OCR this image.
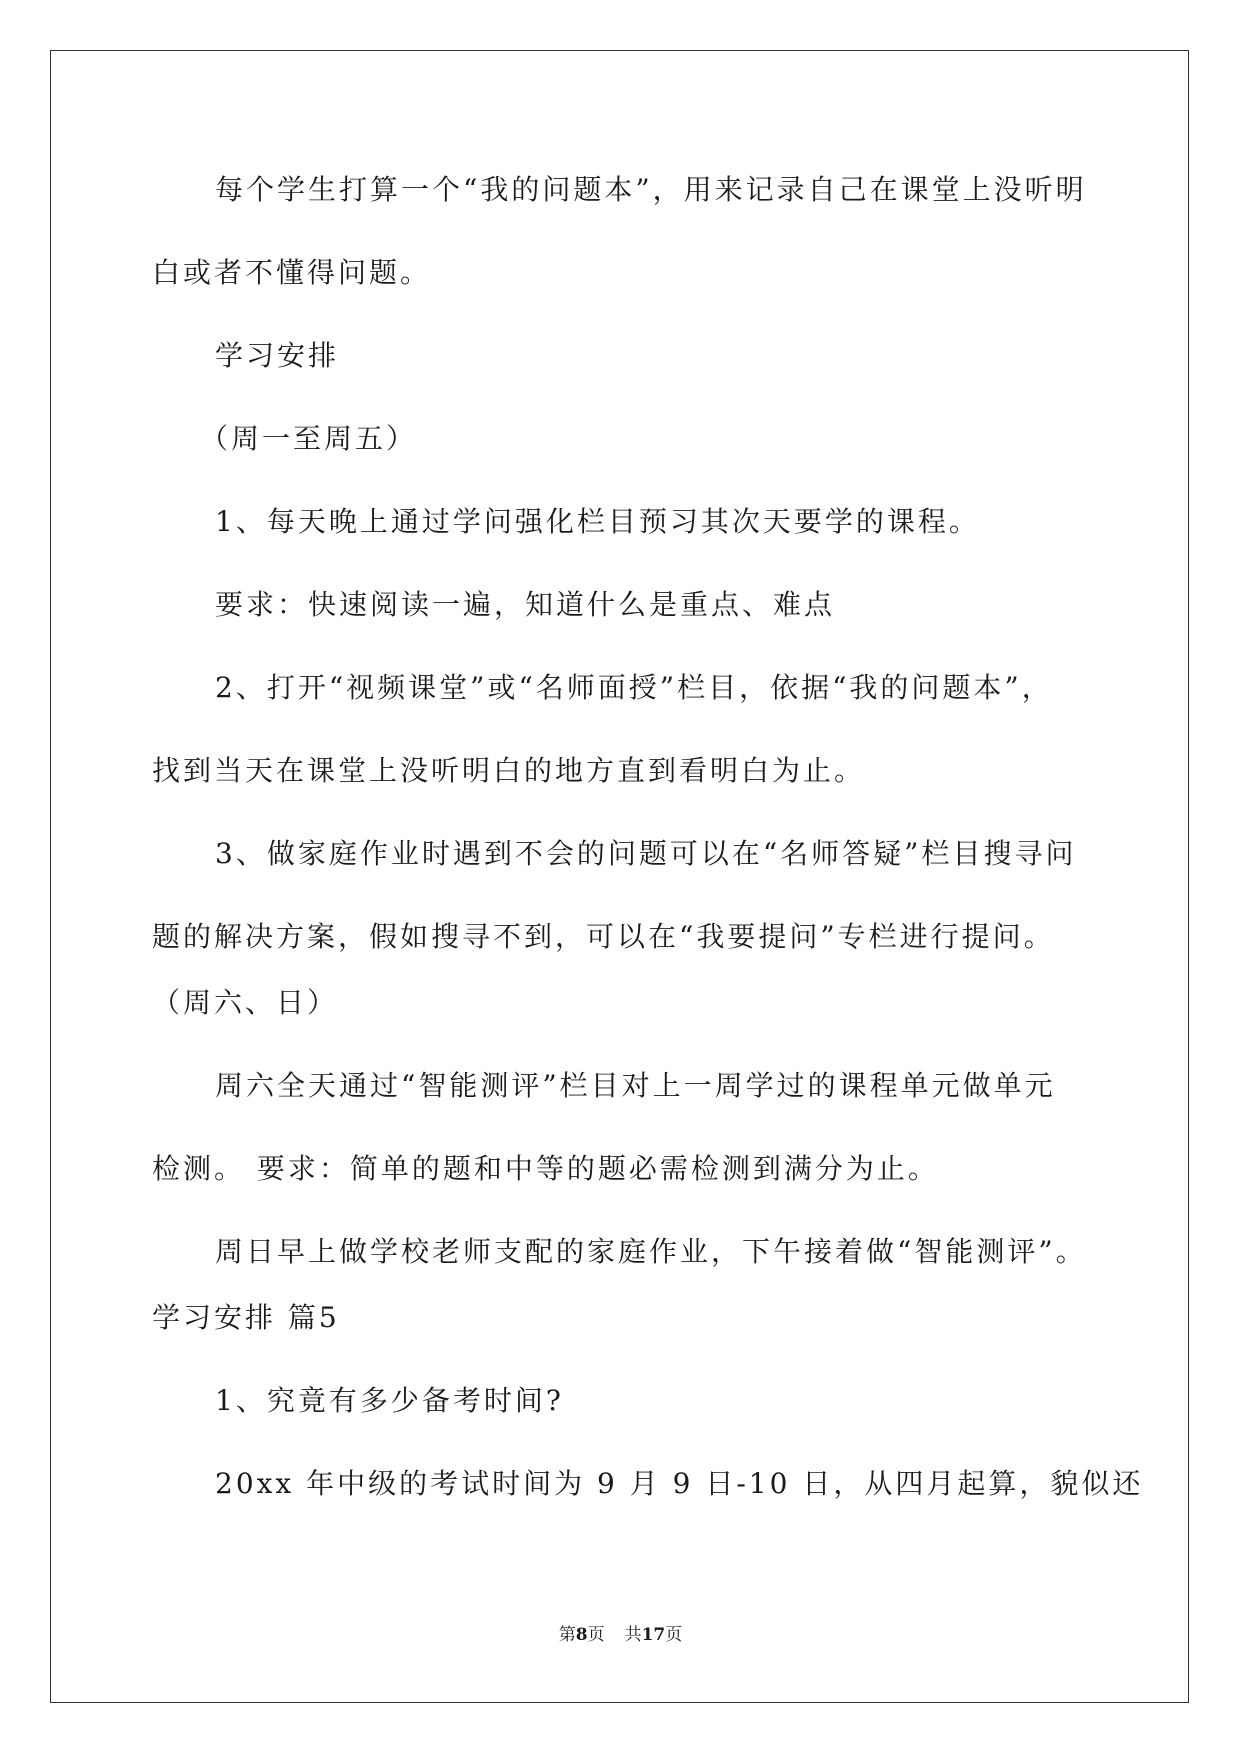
每个学生打算一个“我的问题本”，用来记录自己在课堂上没听明
白或者不懂得问题。
学习安排
（周一至周五）
1、每天晚上通过学问强化栏目预习其次天要学的课程。
要求：快速阅读一遍，知道什么是重点、难点
2、打开“视频课堂”或“名师面授”栏目，依据“我的问题本”，
找到当天在课堂上没听明白的地方直到看明白为止。
3、做家庭作业时遇到不会的问题可以在“名师答疑”栏目搜寻问
题的解决方案，假如搜寻不到，可以在“我要提问”专栏进行提问。
（周六、日）
周六全天通过“智能测评”栏目对上一周学过的课程单元做单元
检测。 要求：简单的题和中等的题必需检测到满分为止。
周日早上做学校老师支配的家庭作业，下午接着做“智能测评”。
学习安排 篇5
1、究竟有多少备考时间?
20xx 年中级的考试时间为 9 月 9 日-10 日，从四月起算，貌似还
第8页 共17页
